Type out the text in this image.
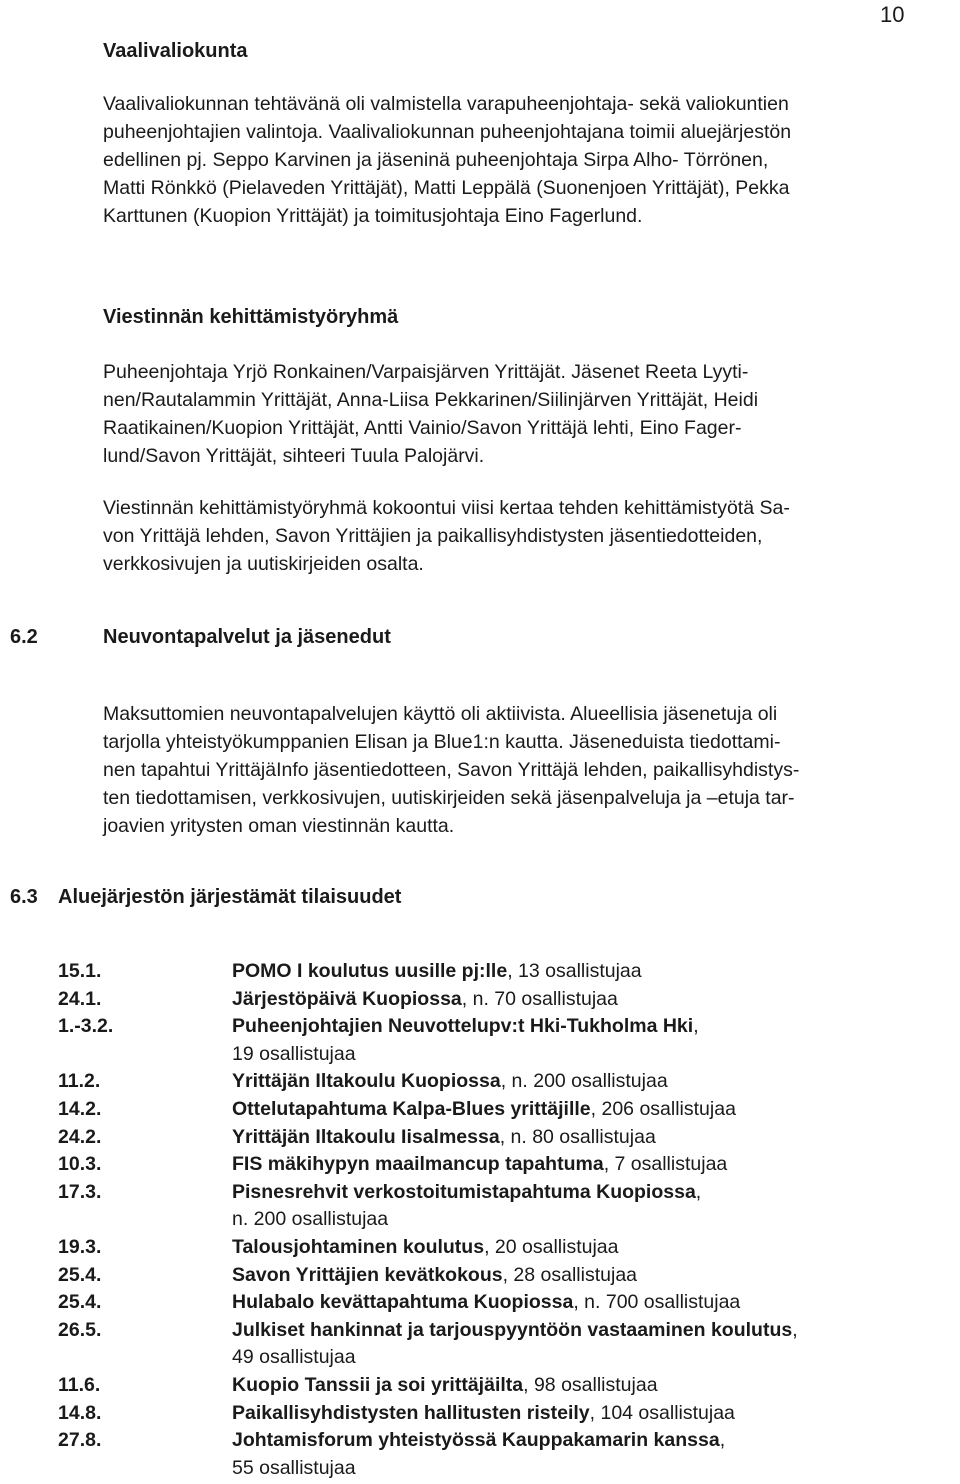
10
Vaalivaliokunta
Vaalivaliokunnan tehtävänä oli valmistella varapuheenjohtaja- sekä valiokuntien
puheenjohtajien valintoja. Vaalivaliokunnan puheenjohtajana toimii aluejärjestön
edellinen pj. Seppo Karvinen ja jäseninä puheenjohtaja Sirpa Alho- Törrönen,
Matti Rönkkö (Pielaveden Yrittäjät), Matti Leppälä (Suonenjoen Yrittäjät), Pekka
Karttunen (Kuopion Yrittäjät) ja toimitusjohtaja Eino Fagerlund.
Viestinnän kehittämistyöryhmä
Puheenjohtaja Yrjö Ronkainen/Varpaisjärven Yrittäjät. Jäsenet Reeta Lyyti-
nen/Rautalammin Yrittäjät, Anna-Liisa Pekkarinen/Siilinjärven Yrittäjät, Heidi
Raatikainen/Kuopion Yrittäjät, Antti Vainio/Savon Yrittäjä lehti, Eino Fager-
lund/Savon Yrittäjät, sihteeri Tuula Palojärvi.
Viestinnän kehittämistyöryhmä kokoontui viisi kertaa tehden kehittämistyötä Sa-
von Yrittäjä lehden, Savon Yrittäjien ja paikallisyhdistysten jäsentiedotteiden,
verkkosivujen ja uutiskirjeiden osalta.
6.2	Neuvontapalvelut ja jäsenedut
Maksuttomien neuvontapalvelujen käyttö oli aktiivista. Alueellisia jäsenetuja oli
tarjolla yhteistyökumppanien Elisan ja Blue1:n kautta. Jäseneduista tiedottami-
nen tapahtui YrittäjäInfo jäsentiedotteen, Savon Yrittäjä lehden, paikallisyhdistys-
ten tiedottamisen, verkkosivujen, uutiskirjeiden sekä jäsenpalveluja ja –etuja tar-
joavien yritysten oman viestinnän kautta.
6.3 Aluejärjestön järjestämät tilaisuudet
15.1.	POMO I koulutus uusille pj:lle, 13 osallistujaa
24.1.	Järjestöpäivä Kuopiossa, n. 70 osallistujaa
1.-3.2.	Puheenjohtajien Neuvottelupv:t Hki-Tukholma Hki,
19 osallistujaa
11.2.	Yrittäjän Iltakoulu Kuopiossa, n. 200 osallistujaa
14.2.	Ottelutapahtuma Kalpa-Blues yrittäjille, 206 osallistujaa
24.2.	Yrittäjän Iltakoulu Iisalmessa, n. 80 osallistujaa
10.3.	FIS mäkihypyn maailmancup tapahtuma, 7 osallistujaa
17.3.	Pisnesrehvit verkostoitumistapahtuma Kuopiossa,
n. 200 osallistujaa
19.3.	Talousjohtaminen koulutus, 20 osallistujaa
25.4.	Savon Yrittäjien kevätkokous, 28 osallistujaa
25.4.	Hulabalo kevättapahtuma Kuopiossa, n. 700 osallistujaa
26.5.	Julkiset hankinnat ja tarjouspyyntöön vastaaminen koulutus,
49 osallistujaa
11.6.	Kuopio Tanssii ja soi yrittäjäilta, 98 osallistujaa
14.8.	Paikallisyhdistysten hallitusten risteily, 104 osallistujaa
27.8.	Johtamisforum yhteistyössä Kauppakamarin kanssa,
55 osallistujaa
